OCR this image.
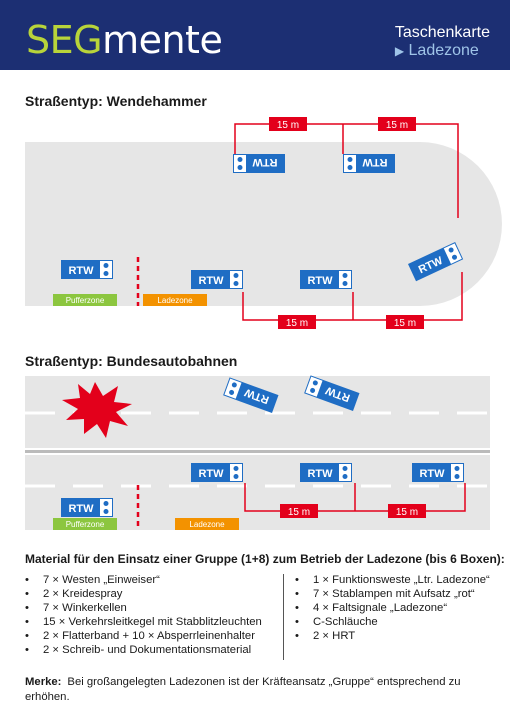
SEGmente	Taschenkarte
▶ Ladezone
Straßentyp: Wendehammer
15 m	15 m
15 m	15 m
RTW	RTW
RTW
RTW
RTW	RTW
Pufferzone	Ladezone
Straßentyp: Bundesautobahnen
RTW	RTW
15 m	15 m
RTW	RTW	RTW
RTW
Pufferzone	Ladezone
Material für den Einsatz einer Gruppe (1+8) zum Betrieb der Ladezone (bis 6 Boxen):
• 7 × Westen „Einweiser“
• 2 × Kreidespray
• 7 × Winkerkellen
• 15 × Verkehrsleitkegel mit Stabblitzleuchten
• 2 × Flatterband + 10 × Absperrleinenhalter
• 2 × Schreib- und Dokumentationsmaterial
• 1 × Funktionsweste „Ltr. Ladezone“
• 7 × Stablampen mit Aufsatz „rot“
• 4 × Faltsignale „Ladezone“
• C-Schläuche
• 2 × HRT
Merke: Bei großangelegten Ladezonen ist der Kräfteansatz „Gruppe“ entsprechend zu erhöhen.
